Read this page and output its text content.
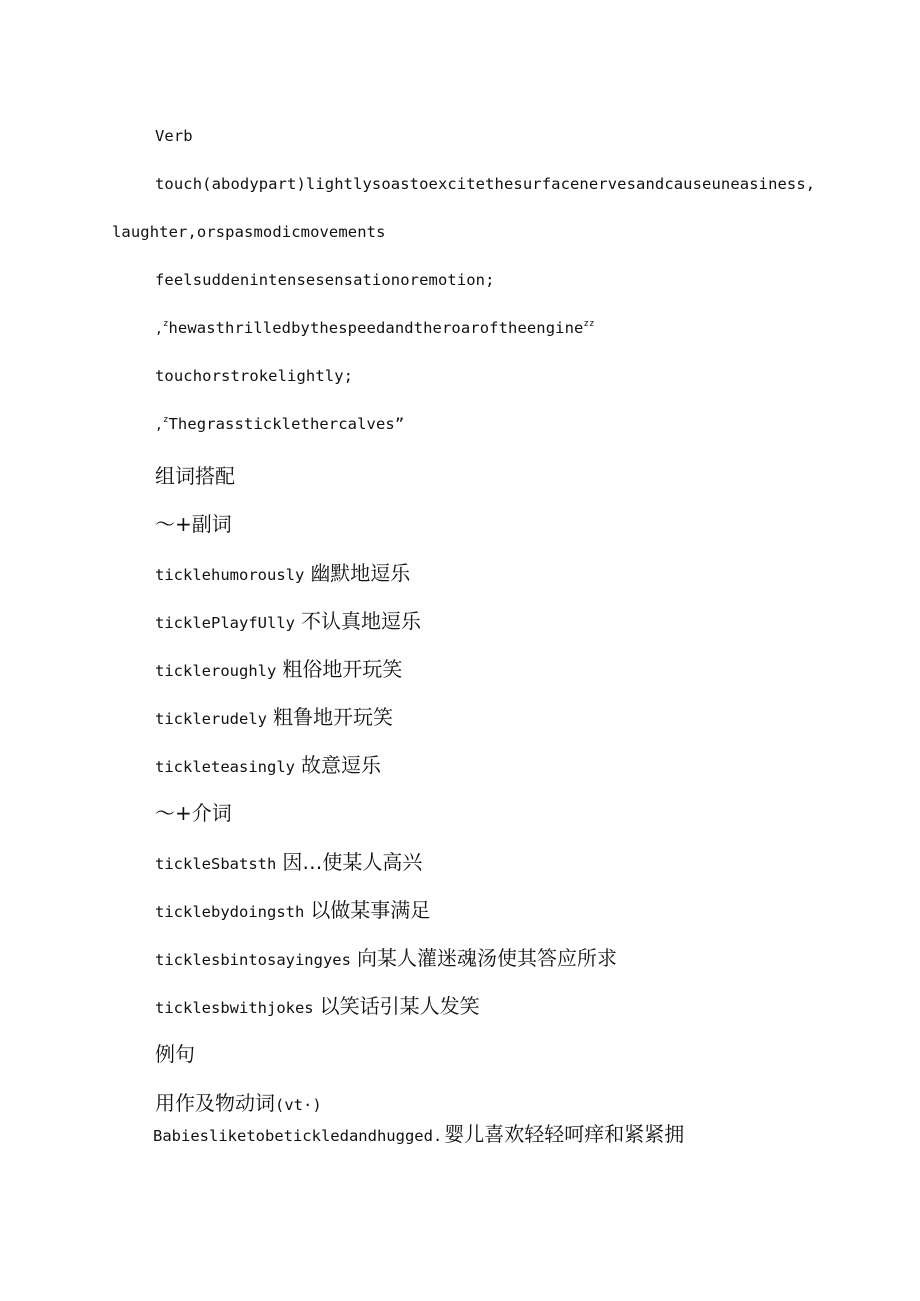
Verb
touch(abodypart)lightlysoastoexcitethesurfacenervesandcauseuneasiness,
laughter,orspasmodicmovements
feelsuddenintensesensationoremotion;
,$^z$hewasthrilledbythespeedandtheroaroftheengine$^{zz}$
touchorstrokelightly;
,$^z$Thegrassticklethercalves”
组词搭配
～+副词
ticklehumorously 幽默地逗乐
ticklePlayfUlly 不认真地逗乐
tickleroughly 粗俗地开玩笑
ticklerudely 粗鲁地开玩笑
tickleteasingly 故意逗乐
～+介词
tickleSbatsth 因…使某人高兴
ticklebydoingsth 以做某事满足
ticklesbintosayingyes 向某人灌迷魂汤使其答应所求
ticklesbwithjokes 以笑话引某人发笑
例句
用作及物动词(vt·)
Babiesliketobetickledandhugged. 婴儿喜欢轻轻呵痒和紧紧拥
